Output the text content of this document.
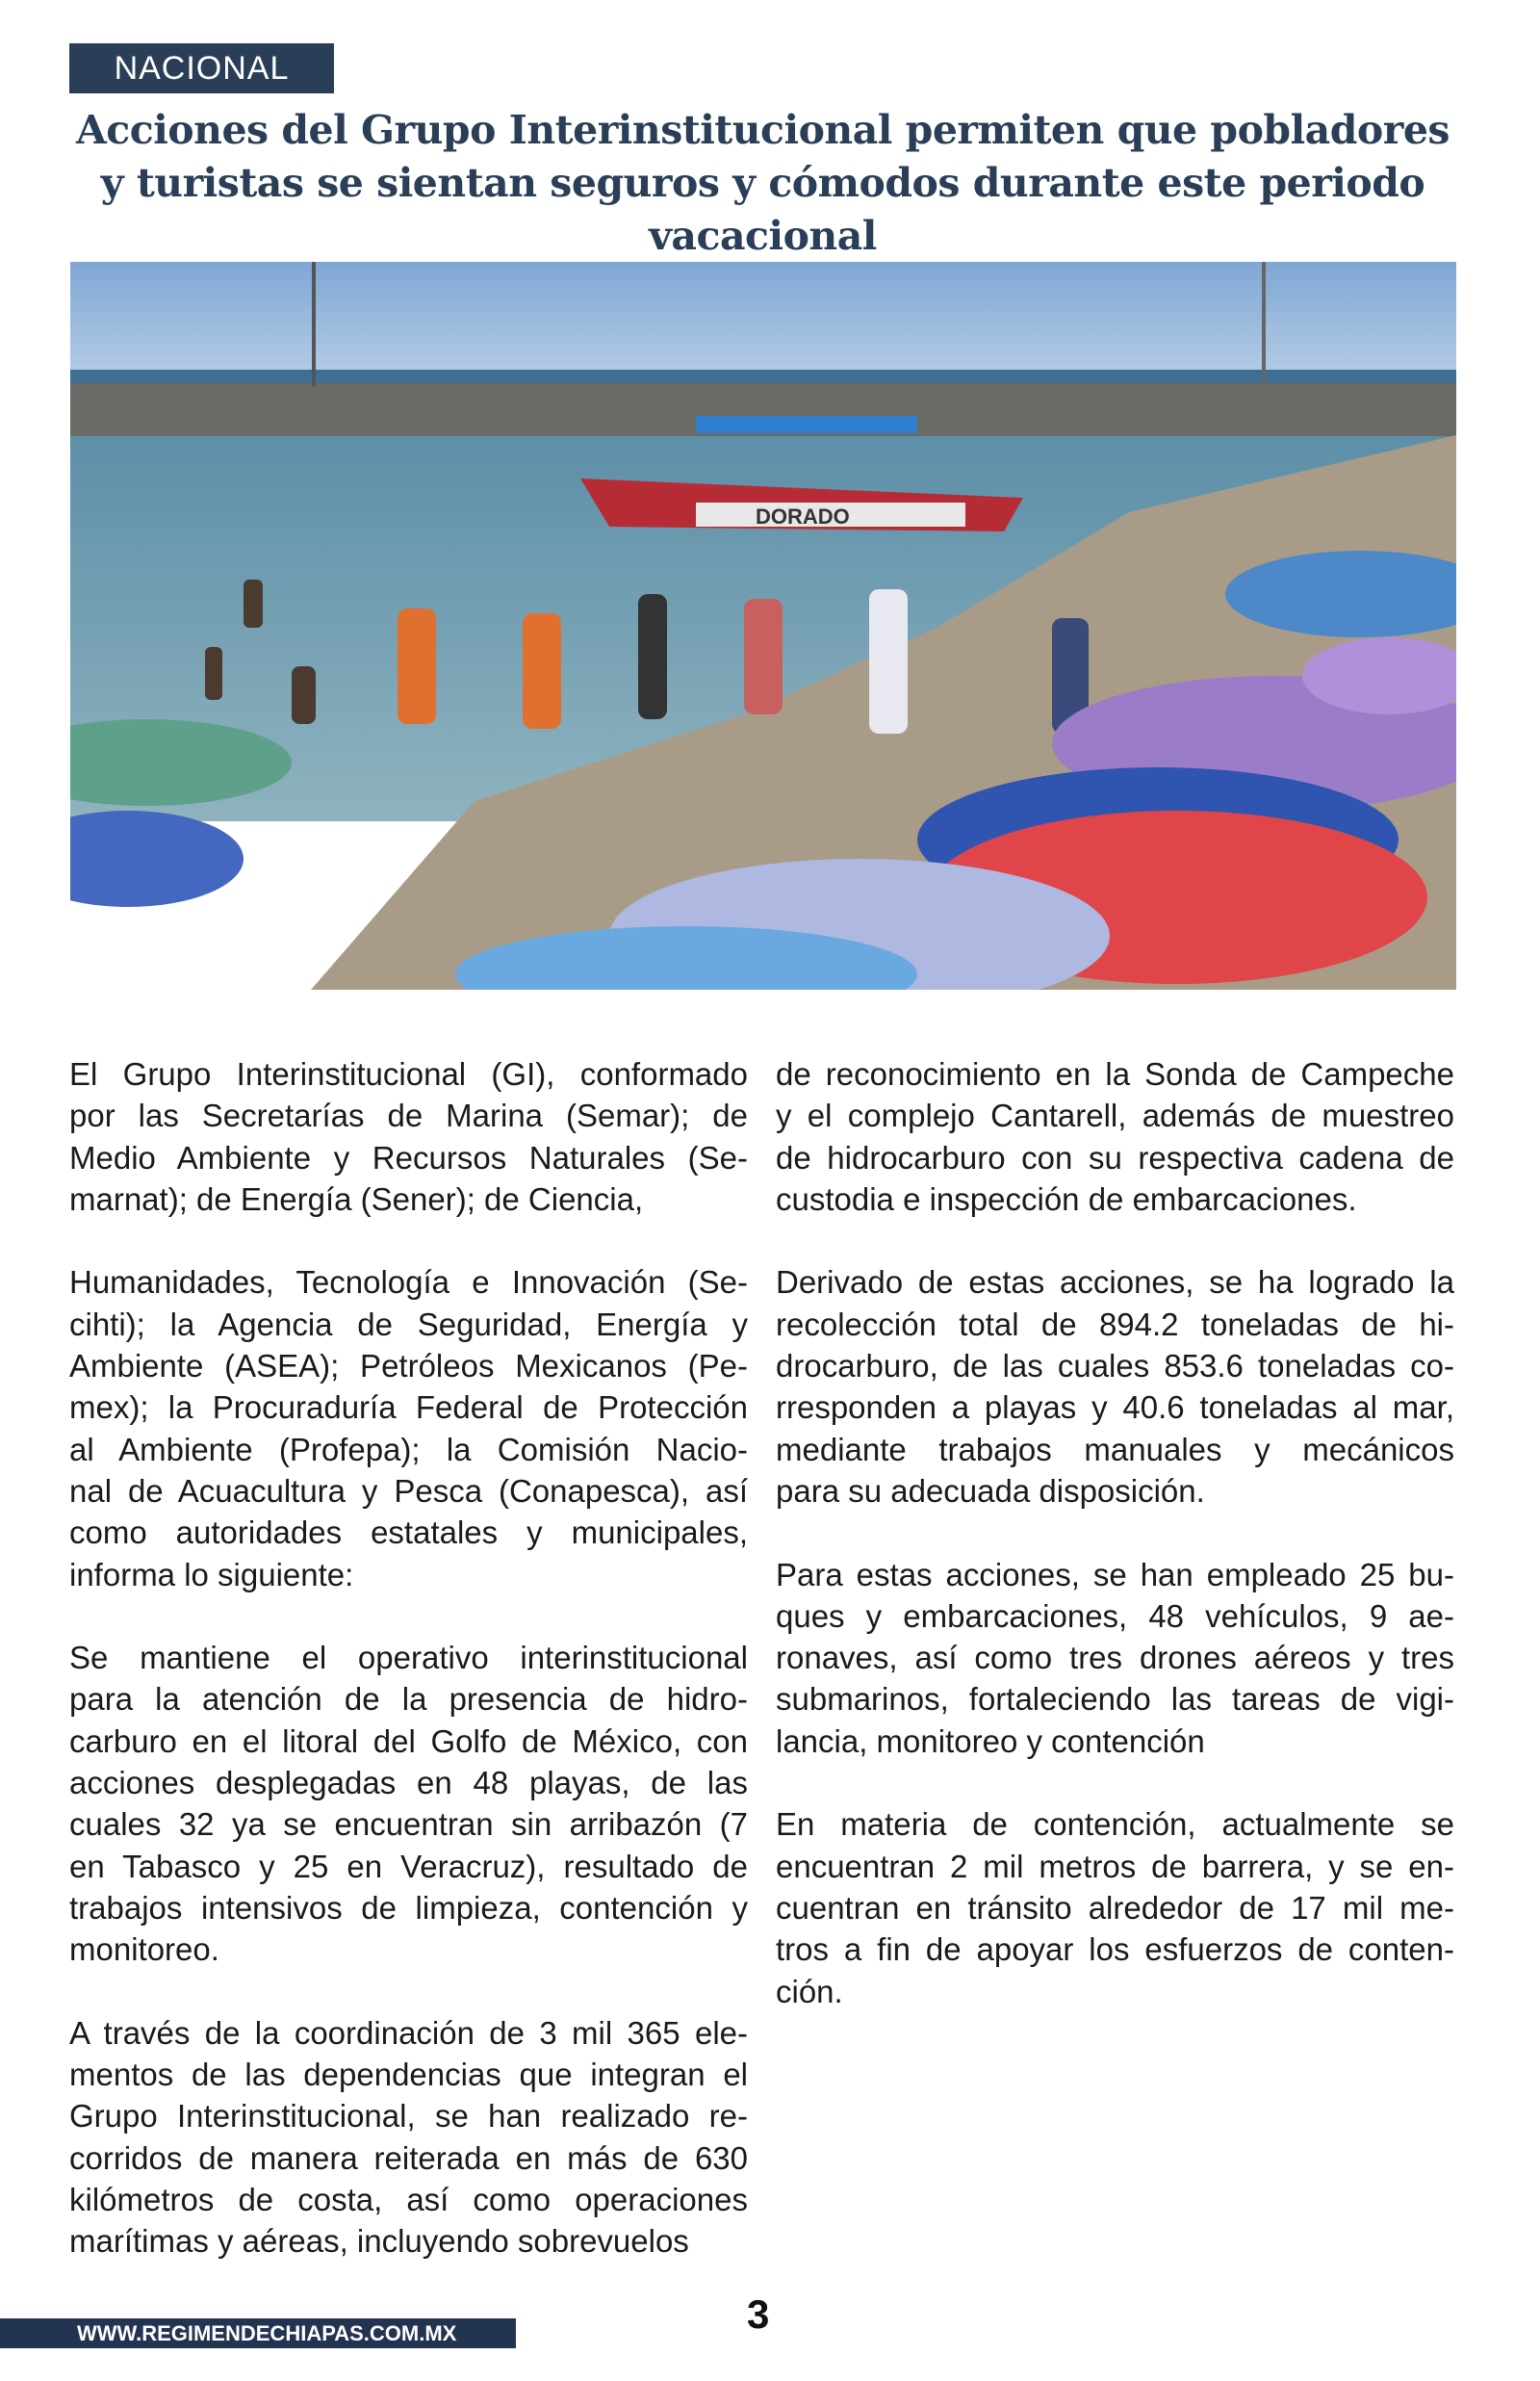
NACIONAL
Acciones del Grupo Interinstitucional permiten que pobladores
y turistas se sientan seguros y cómodos durante este periodo
vacacional
DORADO
El Grupo Interinstitucional (GI), conformado
por las Secretarías de Marina (Semar); de
Medio Ambiente y Recursos Naturales (Se-
marnat); de Energía (Sener); de Ciencia,
Humanidades, Tecnología e Innovación (Se-
cihti); la Agencia de Seguridad, Energía y
Ambiente (ASEA); Petróleos Mexicanos (Pe-
mex); la Procuraduría Federal de Protección
al Ambiente (Profepa); la Comisión Nacio-
nal de Acuacultura y Pesca (Conapesca), así
como autoridades estatales y municipales,
informa lo siguiente:
Se mantiene el operativo interinstitucional
para la atención de la presencia de hidro-
carburo en el litoral del Golfo de México, con
acciones desplegadas en 48 playas, de las
cuales 32 ya se encuentran sin arribazón (7
en Tabasco y 25 en Veracruz), resultado de
trabajos intensivos de limpieza, contención y
monitoreo.
A través de la coordinación de 3 mil 365 ele-
mentos de las dependencias que integran el
Grupo Interinstitucional, se han realizado re-
corridos de manera reiterada en más de 630
kilómetros de costa, así como operaciones
marítimas y aéreas, incluyendo sobrevuelos
de reconocimiento en la Sonda de Campeche
y el complejo Cantarell, además de muestreo
de hidrocarburo con su respectiva cadena de
custodia e inspección de embarcaciones.
Derivado de estas acciones, se ha logrado la
recolección total de 894.2 toneladas de hi-
drocarburo, de las cuales 853.6 toneladas co-
rresponden a playas y 40.6 toneladas al mar,
mediante trabajos manuales y mecánicos
para su adecuada disposición.
Para estas acciones, se han empleado 25 bu-
ques y embarcaciones, 48 vehículos, 9 ae-
ronaves, así como tres drones aéreos y tres
submarinos, fortaleciendo las tareas de vigi-
lancia, monitoreo y contención
En materia de contención, actualmente se
encuentran 2 mil metros de barrera, y se en-
cuentran en tránsito alrededor de 17 mil me-
tros a fin de apoyar los esfuerzos de conten-
ción.
3
WWW.REGIMENDECHIAPAS.COM.MX
